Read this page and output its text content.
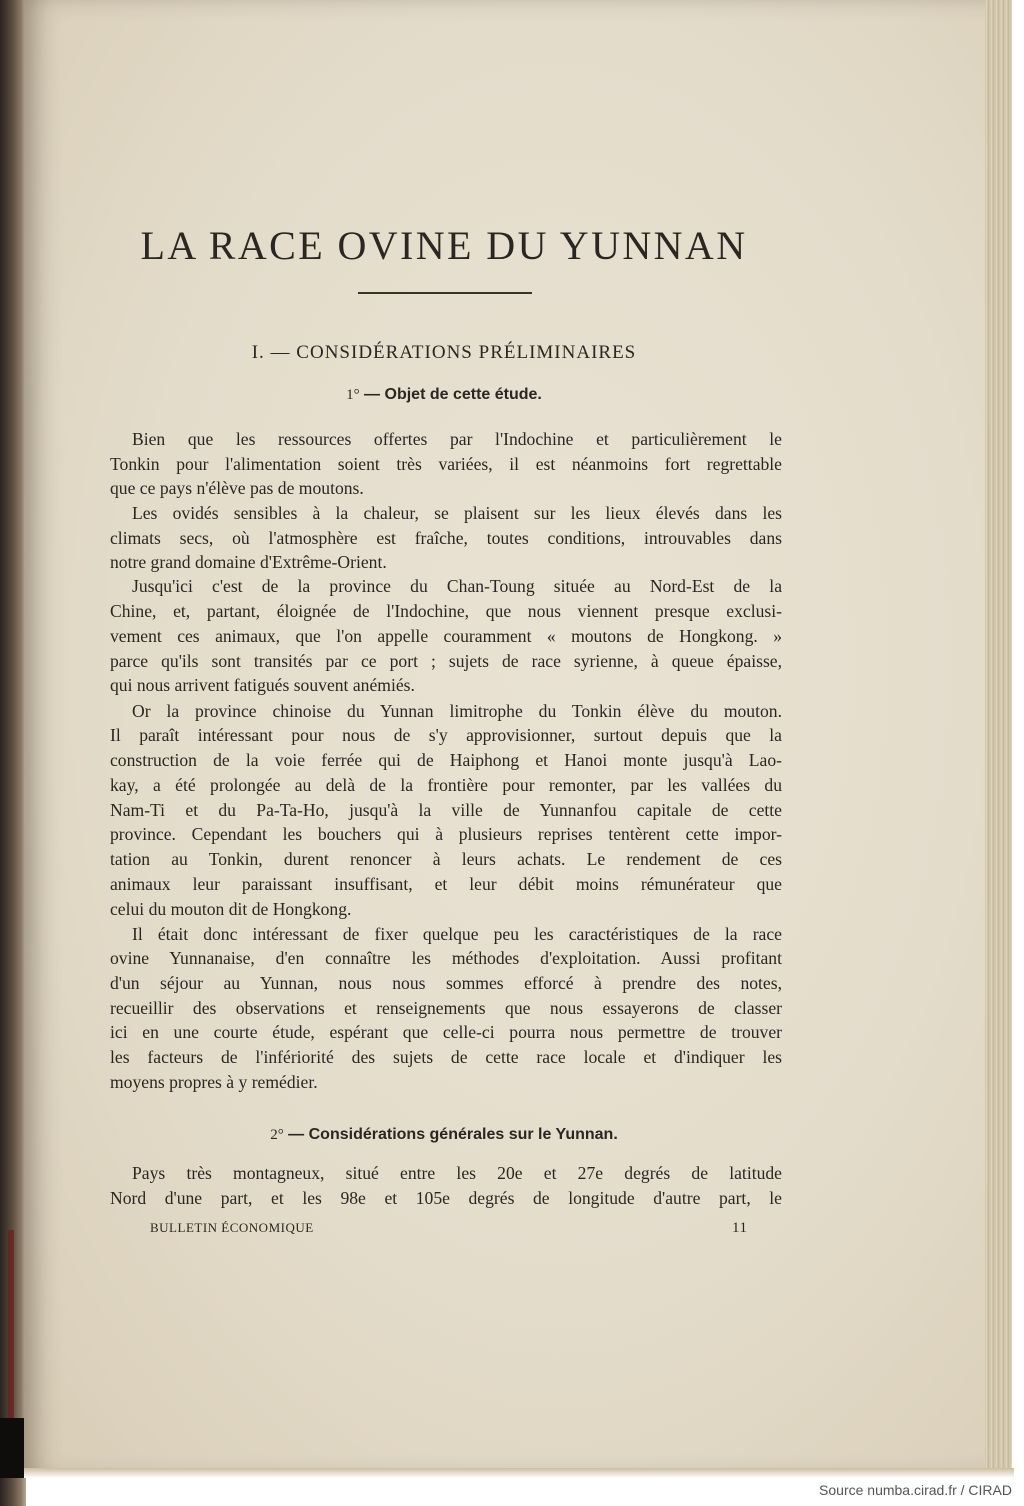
LA RACE OVINE DU YUNNAN
I. — CONSIDÉRATIONS PRÉLIMINAIRES
1° — Objet de cette étude.
Bien que les ressources offertes par l'Indochine et particulièrement le
Tonkin pour l'alimentation soient très variées, il est néanmoins fort regrettable
que ce pays n'élève pas de moutons.
Les ovidés sensibles à la chaleur, se plaisent sur les lieux élevés dans les
climats secs, où l'atmosphère est fraîche, toutes conditions, introuvables dans
notre grand domaine d'Extrême-Orient.
Jusqu'ici c'est de la province du Chan-Toung située au Nord-Est de la
Chine, et, partant, éloignée de l'Indochine, que nous viennent presque exclusi-
vement ces animaux, que l'on appelle couramment « moutons de Hongkong. »
parce qu'ils sont transités par ce port ; sujets de race syrienne, à queue épaisse,
qui nous arrivent fatigués souvent anémiés.
Or la province chinoise du Yunnan limitrophe du Tonkin élève du mouton.
Il paraît intéressant pour nous de s'y approvisionner, surtout depuis que la
construction de la voie ferrée qui de Haiphong et Hanoi monte jusqu'à Lao-
kay, a été prolongée au delà de la frontière pour remonter, par les vallées du
Nam-Ti et du Pa-Ta-Ho, jusqu'à la ville de Yunnanfou capitale de cette
province. Cependant les bouchers qui à plusieurs reprises tentèrent cette impor-
tation au Tonkin, durent renoncer à leurs achats. Le rendement de ces
animaux leur paraissant insuffisant, et leur débit moins rémunérateur que
celui du mouton dit de Hongkong.
Il était donc intéressant de fixer quelque peu les caractéristiques de la race
ovine Yunnanaise, d'en connaître les méthodes d'exploitation. Aussi profitant
d'un séjour au Yunnan, nous nous sommes efforcé à prendre des notes,
recueillir des observations et renseignements que nous essayerons de classer
ici en une courte étude, espérant que celle-ci pourra nous permettre de trouver
les facteurs de l'infériorité des sujets de cette race locale et d'indiquer les
moyens propres à y remédier.
2° — Considérations générales sur le Yunnan.
Pays très montagneux, situé entre les 20e et 27e degrés de latitude
Nord d'une part, et les 98e et 105e degrés de longitude d'autre part, le
BULLETIN ÉCONOMIQUE	11
Source numba.cirad.fr / CIRAD
